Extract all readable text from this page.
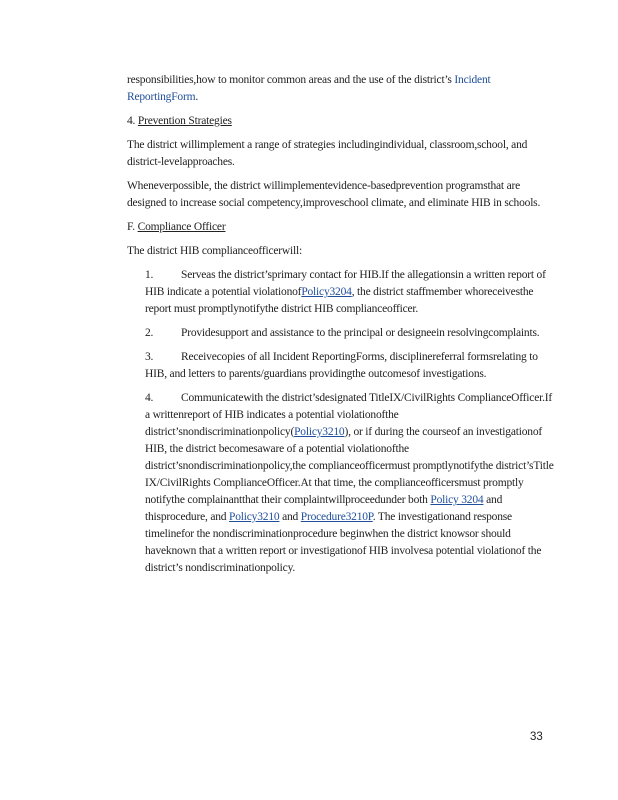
responsibilities,how to monitor common areas and the use of the district’s Incident ReportingForm.

4. Prevention Strategies

The district willimplement a range of strategies includingindividual, classroom,school, and district-levelapproaches.

Wheneverpossible, the district willimplementevidence-basedprevention programsthat are designed to increase social competency,improveschool climate, and eliminate HIB in schools.

F. Compliance Officer

The district HIB complianceofficerwill:

1. Serveas the district’sprimary contact for HIB.If the allegationsin a written report of HIB indicate a potential violationofPolicy3204, the district staffmember whoreceivesthe report must promptlynotifythe district HIB complianceofficer.

2. Providesupport and assistance to the principal or designeein resolvingcomplaints.

3. Receivecopies of all Incident ReportingForms, disciplinereferral formsrelating to HIB, and letters to parents/guardians providingthe outcomesof investigations.

4. Communicatewith the district’sdesignated TitleIX/CivilRights ComplianceOfficer.If a writtenreport of HIB indicates a potential violationofthe district’snondiscriminationpolicy(Policy3210), or if during the courseof an investigationof HIB, the district becomesaware of a potential violationofthe district’snondiscriminationpolicy,the complianceofficermust promptlynotifythe district’sTitle IX/CivilRights ComplianceOfficer.At that time, the complianceofficersmust promptly notifythe complainantthat their complaintwillproceedunder both Policy 3204 and thisprocedure, and Policy3210 and Procedure3210P. The investigationand response timelinefor the nondiscriminationprocedure beginwhen the district knowsor should haveknown that a written report or investigationof HIB involvesa potential violationof the district’s nondiscriminationpolicy.

33
